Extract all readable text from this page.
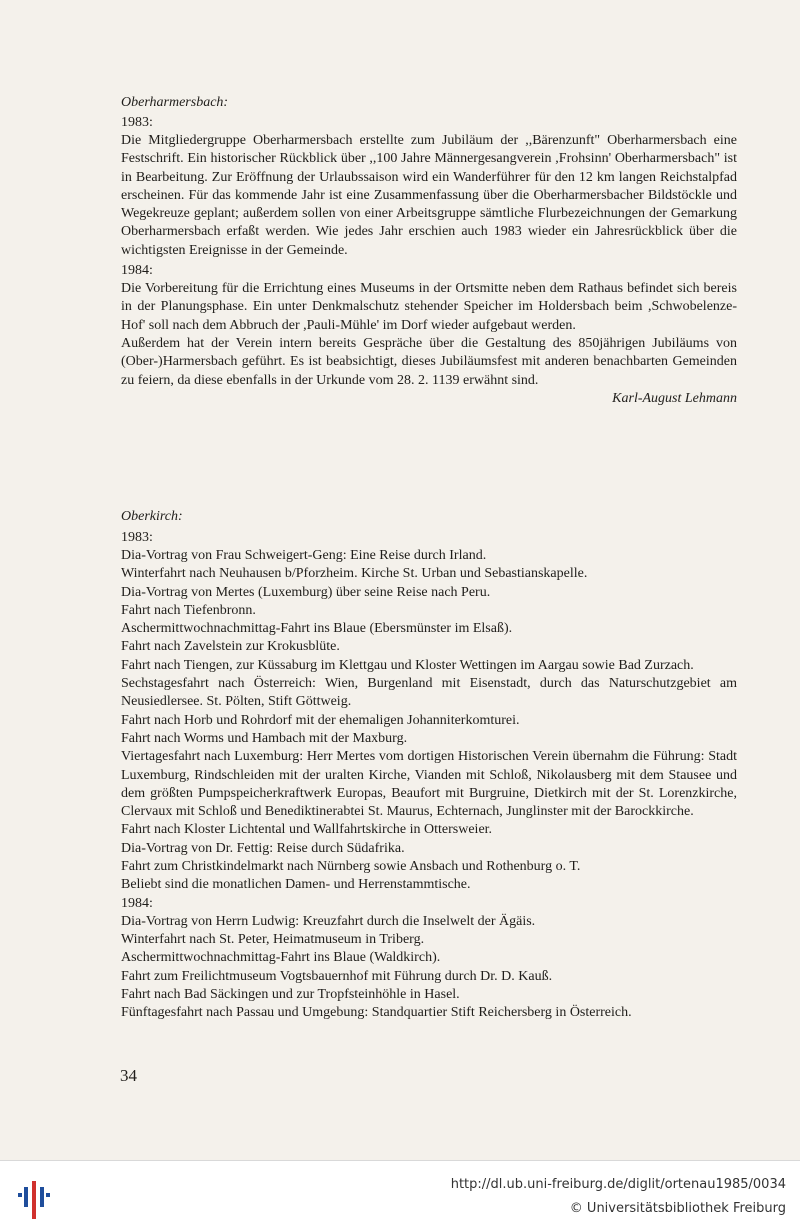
Oberharmersbach:
1983:
Die Mitgliedergruppe Oberharmersbach erstellte zum Jubiläum der ,,Bärenzunft" Oberharmersbach eine Festschrift. Ein historischer Rückblick über ,,100 Jahre Männergesangverein ,Frohsinn' Oberharmersbach" ist in Bearbeitung. Zur Eröffnung der Urlaubssaison wird ein Wanderführer für den 12 km langen Reichstalpfad erscheinen. Für das kommende Jahr ist eine Zusammenfassung über die Oberharmersbacher Bildstöckle und Wegekreuze geplant; außerdem sollen von einer Arbeitsgruppe sämtliche Flurbezeichnungen der Gemarkung Oberharmersbach erfaßt werden. Wie jedes Jahr erschien auch 1983 wieder ein Jahresrückblick über die wichtigsten Ereignisse in der Gemeinde.
1984:
Die Vorbereitung für die Errichtung eines Museums in der Ortsmitte neben dem Rathaus befindet sich bereis in der Planungsphase. Ein unter Denkmalschutz stehender Speicher im Holdersbach beim ,Schwobelenze-Hof' soll nach dem Abbruch der ,Pauli-Mühle' im Dorf wieder aufgebaut werden.
Außerdem hat der Verein intern bereits Gespräche über die Gestaltung des 850jährigen Jubiläums von (Ober-)Harmersbach geführt. Es ist beabsichtigt, dieses Jubiläumsfest mit anderen benachbarten Gemeinden zu feiern, da diese ebenfalls in der Urkunde vom 28. 2. 1139 erwähnt sind.
Karl-August Lehmann
Oberkirch:
1983:
Dia-Vortrag von Frau Schweigert-Geng: Eine Reise durch Irland.
Winterfahrt nach Neuhausen b/Pforzheim. Kirche St. Urban und Sebastianskapelle.
Dia-Vortrag von Mertes (Luxemburg) über seine Reise nach Peru.
Fahrt nach Tiefenbronn.
Aschermittwochnachmittag-Fahrt ins Blaue (Ebersmünster im Elsaß).
Fahrt nach Zavelstein zur Krokusblüte.
Fahrt nach Tiengen, zur Küssaburg im Klettgau und Kloster Wettingen im Aargau sowie Bad Zurzach.
Sechstagesfahrt nach Österreich: Wien, Burgenland mit Eisenstadt, durch das Naturschutzgebiet am Neusiedlersee. St. Pölten, Stift Göttweig.
Fahrt nach Horb und Rohrdorf mit der ehemaligen Johanniterkomturei.
Fahrt nach Worms und Hambach mit der Maxburg.
Viertagesfahrt nach Luxemburg: Herr Mertes vom dortigen Historischen Verein übernahm die Führung: Stadt Luxemburg, Rindschleiden mit der uralten Kirche, Vianden mit Schloß, Nikolausberg mit dem Stausee und dem größten Pumpspeicherkraftwerk Europas, Beaufort mit Burgruine, Dietkirch mit der St. Lorenzkirche, Clervaux mit Schloß und Benediktinerabtei St. Maurus, Echternach, Junglinster mit der Barockkirche.
Fahrt nach Kloster Lichtental und Wallfahrtskirche in Ottersweier.
Dia-Vortrag von Dr. Fettig: Reise durch Südafrika.
Fahrt zum Christkindelmarkt nach Nürnberg sowie Ansbach und Rothenburg o. T.
Beliebt sind die monatlichen Damen- und Herrenstammtische.
1984:
Dia-Vortrag von Herrn Ludwig: Kreuzfahrt durch die Inselwelt der Ägäis.
Winterfahrt nach St. Peter, Heimatmuseum in Triberg.
Aschermittwochnachmittag-Fahrt ins Blaue (Waldkirch).
Fahrt zum Freilichtmuseum Vogtsbauernhof mit Führung durch Dr. D. Kauß.
Fahrt nach Bad Säckingen und zur Tropfsteinhöhle in Hasel.
Fünftagesfahrt nach Passau und Umgebung: Standquartier Stift Reichersberg in Österreich.
34
http://dl.ub.uni-freiburg.de/diglit/ortenau1985/0034
© Universitätsbibliothek Freiburg
